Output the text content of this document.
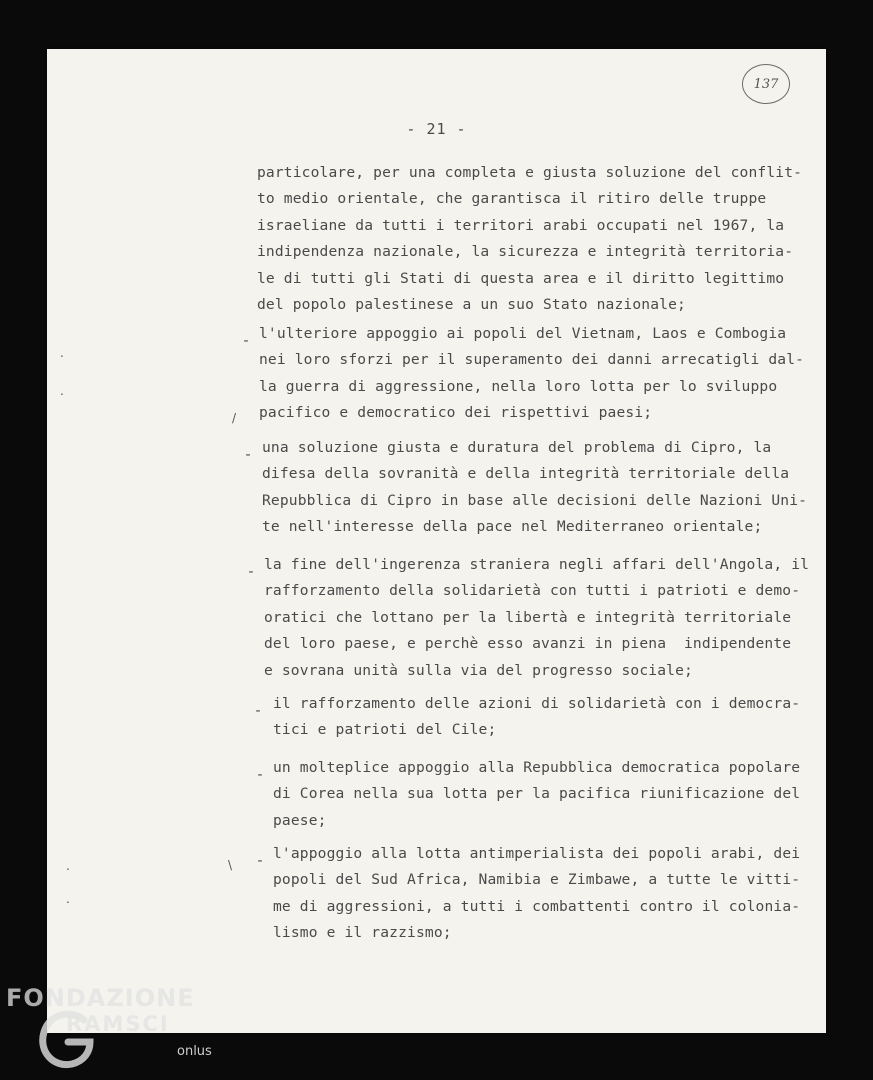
137
- 21 -
particolare, per una completa e giusta soluzione del conflit-
to medio orientale, che garantisca il ritiro delle truppe
israeliane da tutti i territori arabi occupati nel 1967, la
indipendenza nazionale, la sicurezza e integrità territoria-
le di tutti gli Stati di questa area e il diritto legittimo
del popolo palestinese a un suo Stato nazionale;
- l'ulteriore appoggio ai popoli del Vietnam, Laos e Combogia
nei loro sforzi per il superamento dei danni arrecatigli dal-
la guerra di aggressione, nella loro lotta per lo sviluppo
pacifico e democratico dei rispettivi paesi;
- una soluzione giusta e duratura del problema di Cipro, la
difesa della sovranità e della integrità territoriale della
Repubblica di Cipro in base alle decisioni delle Nazioni Uni-
te nell'interesse della pace nel Mediterraneo orientale;
- la fine dell'ingerenza straniera negli affari dell'Angola, il
rafforzamento della solidarietà con tutti i patrioti e demo-
oratici che lottano per la libertà e integrità territoriale
del loro paese, e perchè esso avanzi in piena  indipendente
e sovrana unità sulla via del progresso sociale;
- il rafforzamento delle azioni di solidarietà con i democra-
tici e patrioti del Cile;
- un molteplice appoggio alla Repubblica democratica popolare
di Corea nella sua lotta per la pacifica riunificazione del
paese;
- l'appoggio alla lotta antimperialista dei popoli arabi, dei
popoli del Sud Africa, Namibia e Zimbawe, a tutte le vitti-
me di aggressioni, a tutti i combattenti contro il colonia-
lismo e il razzismo;
.
.
/
.
.
\
FONDAZIONE
RAMSCI
onlus
